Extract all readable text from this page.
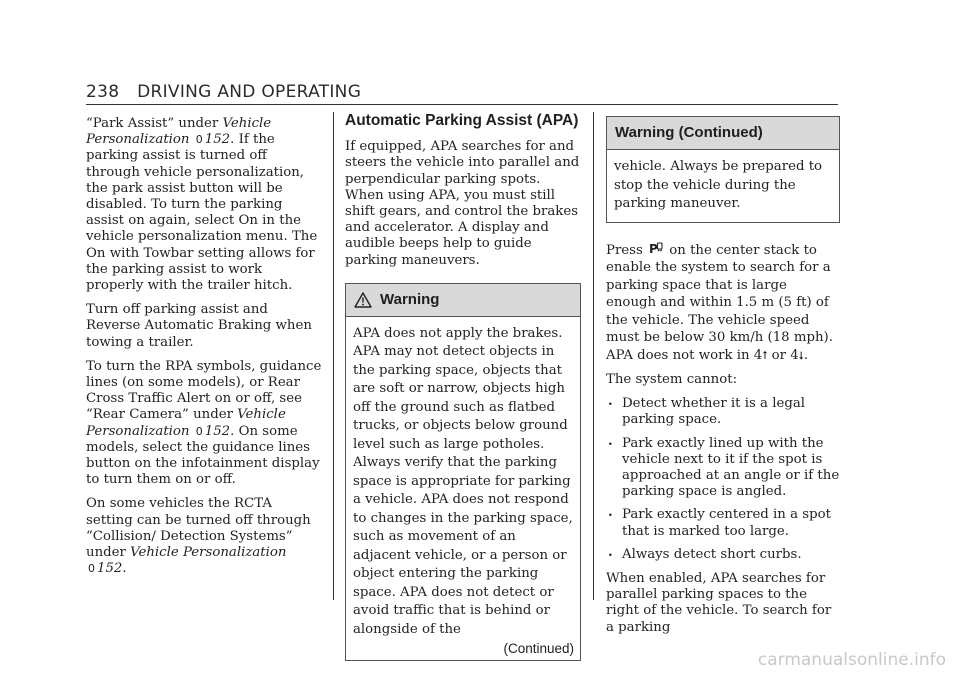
238 DRIVING AND OPERATING

“Park Assist” under Vehicle Personalization 0 152. If the parking assist is turned off through vehicle personalization, the park assist button will be disabled. To turn the parking assist on again, select On in the vehicle personalization menu. The On with Towbar setting allows for the parking assist to work properly with the trailer hitch.

Turn off parking assist and Reverse Automatic Braking when towing a trailer.

To turn the RPA symbols, guidance lines (on some models), or Rear Cross Traffic Alert on or off, see “Rear Camera” under Vehicle Personalization 0 152. On some models, select the guidance lines button on the infotainment display to turn them on or off.

On some vehicles the RCTA setting can be turned off through “Collision/ Detection Systems” under Vehicle Personalization 0 152.

Automatic Parking Assist (APA)

If equipped, APA searches for and steers the vehicle into parallel and perpendicular parking spots. When using APA, you must still shift gears, and control the brakes and accelerator. A display and audible beeps help to guide parking maneuvers.

Warning
APA does not apply the brakes. APA may not detect objects in the parking space, objects that are soft or narrow, objects high off the ground such as flatbed trucks, or objects below ground level such as large potholes. Always verify that the parking space is appropriate for parking a vehicle. APA does not respond to changes in the parking space, such as movement of an adjacent vehicle, or a person or object entering the parking space. APA does not detect or avoid traffic that is behind or alongside of the
(Continued)
Warning (Continued)
vehicle. Always be prepared to stop the vehicle during the parking maneuver.

Press P on the center stack to enable the system to search for a parking space that is large enough and within 1.5 m (5 ft) of the vehicle. The vehicle speed must be below 30 km/h (18 mph). APA does not work in 4⭡ or 4⭣.

The system cannot:

. Detect whether it is a legal parking space.
. Park exactly lined up with the vehicle next to it if the spot is approached at an angle or if the parking space is angled.
. Park exactly centered in a spot that is marked too large.
. Always detect short curbs.

When enabled, APA searches for parallel parking spaces to the right of the vehicle. To search for a parking

carmanualsonline.info
